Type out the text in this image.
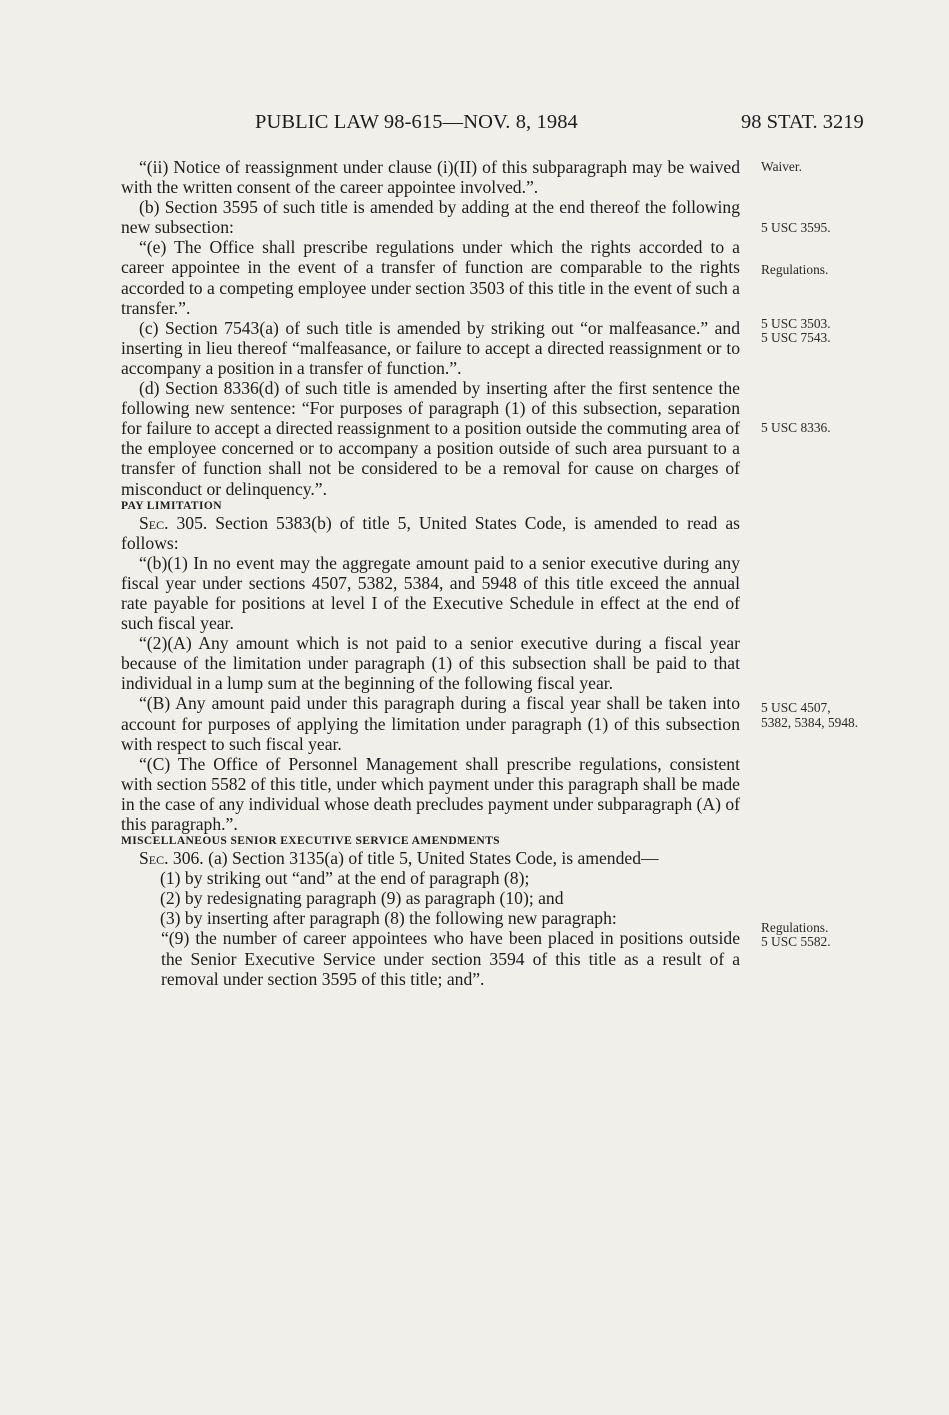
PUBLIC LAW 98-615—NOV. 8, 1984	98 STAT. 3219
Waiver.
5 USC 3595.
Regulations.
5 USC 3503.
5 USC 7543.
5 USC 8336.
5 USC 4507,
5382, 5384, 5948.
Regulations.
5 USC 5582.

“(ii) Notice of reassignment under clause (i)(II) of this subparagraph may be waived with the written consent of the career appointee involved.”.

(b) Section 3595 of such title is amended by adding at the end thereof the following new subsection:

“(e) The Office shall prescribe regulations under which the rights accorded to a career appointee in the event of a transfer of function are comparable to the rights accorded to a competing employee under section 3503 of this title in the event of such a transfer.”.

(c) Section 7543(a) of such title is amended by striking out “or malfeasance.” and inserting in lieu thereof “malfeasance, or failure to accept a directed reassignment or to accompany a position in a transfer of function.”.

(d) Section 8336(d) of such title is amended by inserting after the first sentence the following new sentence: “For purposes of paragraph (1) of this subsection, separation for failure to accept a directed reassignment to a position outside the commuting area of the employee concerned or to accompany a position outside of such area pursuant to a transfer of function shall not be considered to be a removal for cause on charges of misconduct or delinquency.”.

PAY LIMITATION

Sec. 305. Section 5383(b) of title 5, United States Code, is amended to read as follows:

“(b)(1) In no event may the aggregate amount paid to a senior executive during any fiscal year under sections 4507, 5382, 5384, and 5948 of this title exceed the annual rate payable for positions at level I of the Executive Schedule in effect at the end of such fiscal year.

“(2)(A) Any amount which is not paid to a senior executive during a fiscal year because of the limitation under paragraph (1) of this subsection shall be paid to that individual in a lump sum at the beginning of the following fiscal year.

“(B) Any amount paid under this paragraph during a fiscal year shall be taken into account for purposes of applying the limitation under paragraph (1) of this subsection with respect to such fiscal year.

“(C) The Office of Personnel Management shall prescribe regulations, consistent with section 5582 of this title, under which payment under this paragraph shall be made in the case of any individual whose death precludes payment under subparagraph (A) of this paragraph.”.

MISCELLANEOUS SENIOR EXECUTIVE SERVICE AMENDMENTS

Sec. 306. (a) Section 3135(a) of title 5, United States Code, is amended—

(1) by striking out “and” at the end of paragraph (8);

(2) by redesignating paragraph (9) as paragraph (10); and

(3) by inserting after paragraph (8) the following new paragraph:

“(9) the number of career appointees who have been placed in positions outside the Senior Executive Service under section 3594 of this title as a result of a removal under section 3595 of this title; and”.
